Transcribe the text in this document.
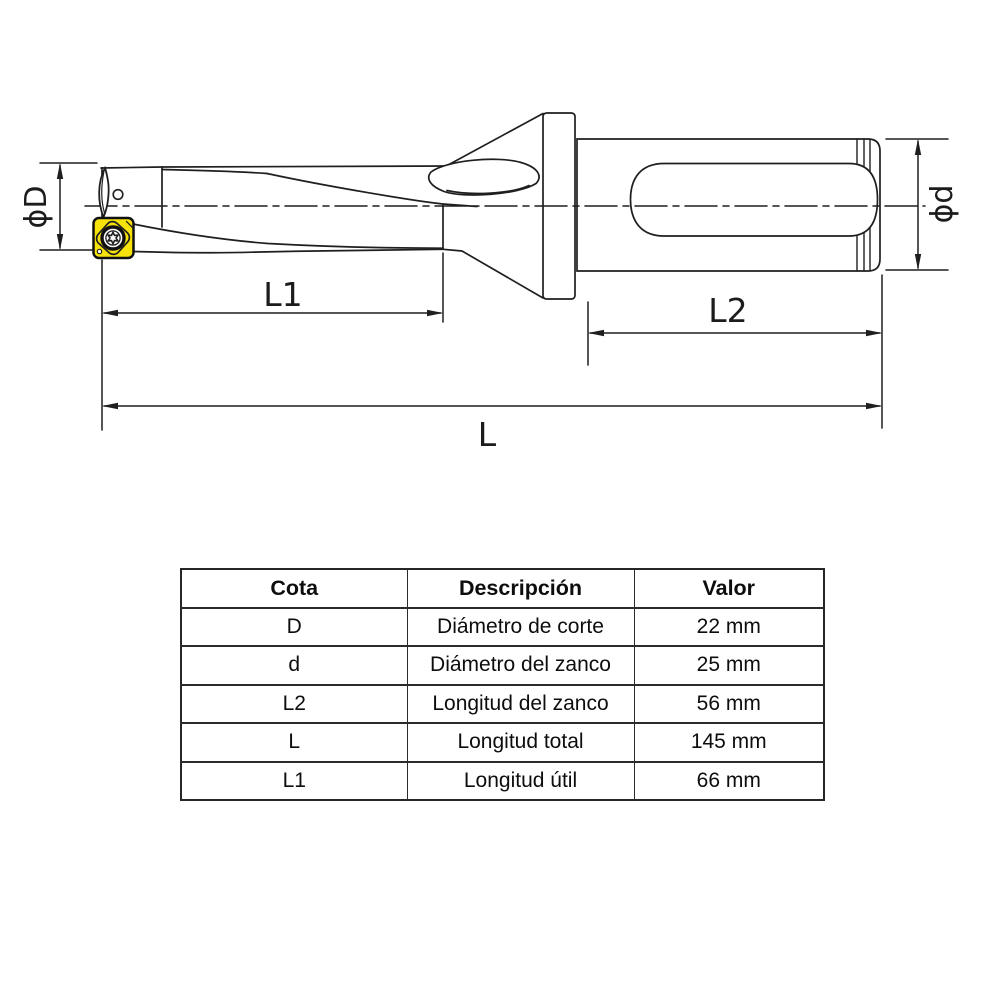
ϕD	ϕd
L1	L2
L
Cota	Descripción	Valor
D	Diámetro de corte	22 mm
d	Diámetro del zanco	25 mm
L2	Longitud del zanco	56 mm
L	Longitud total	145 mm
L1	Longitud útil	66 mm
